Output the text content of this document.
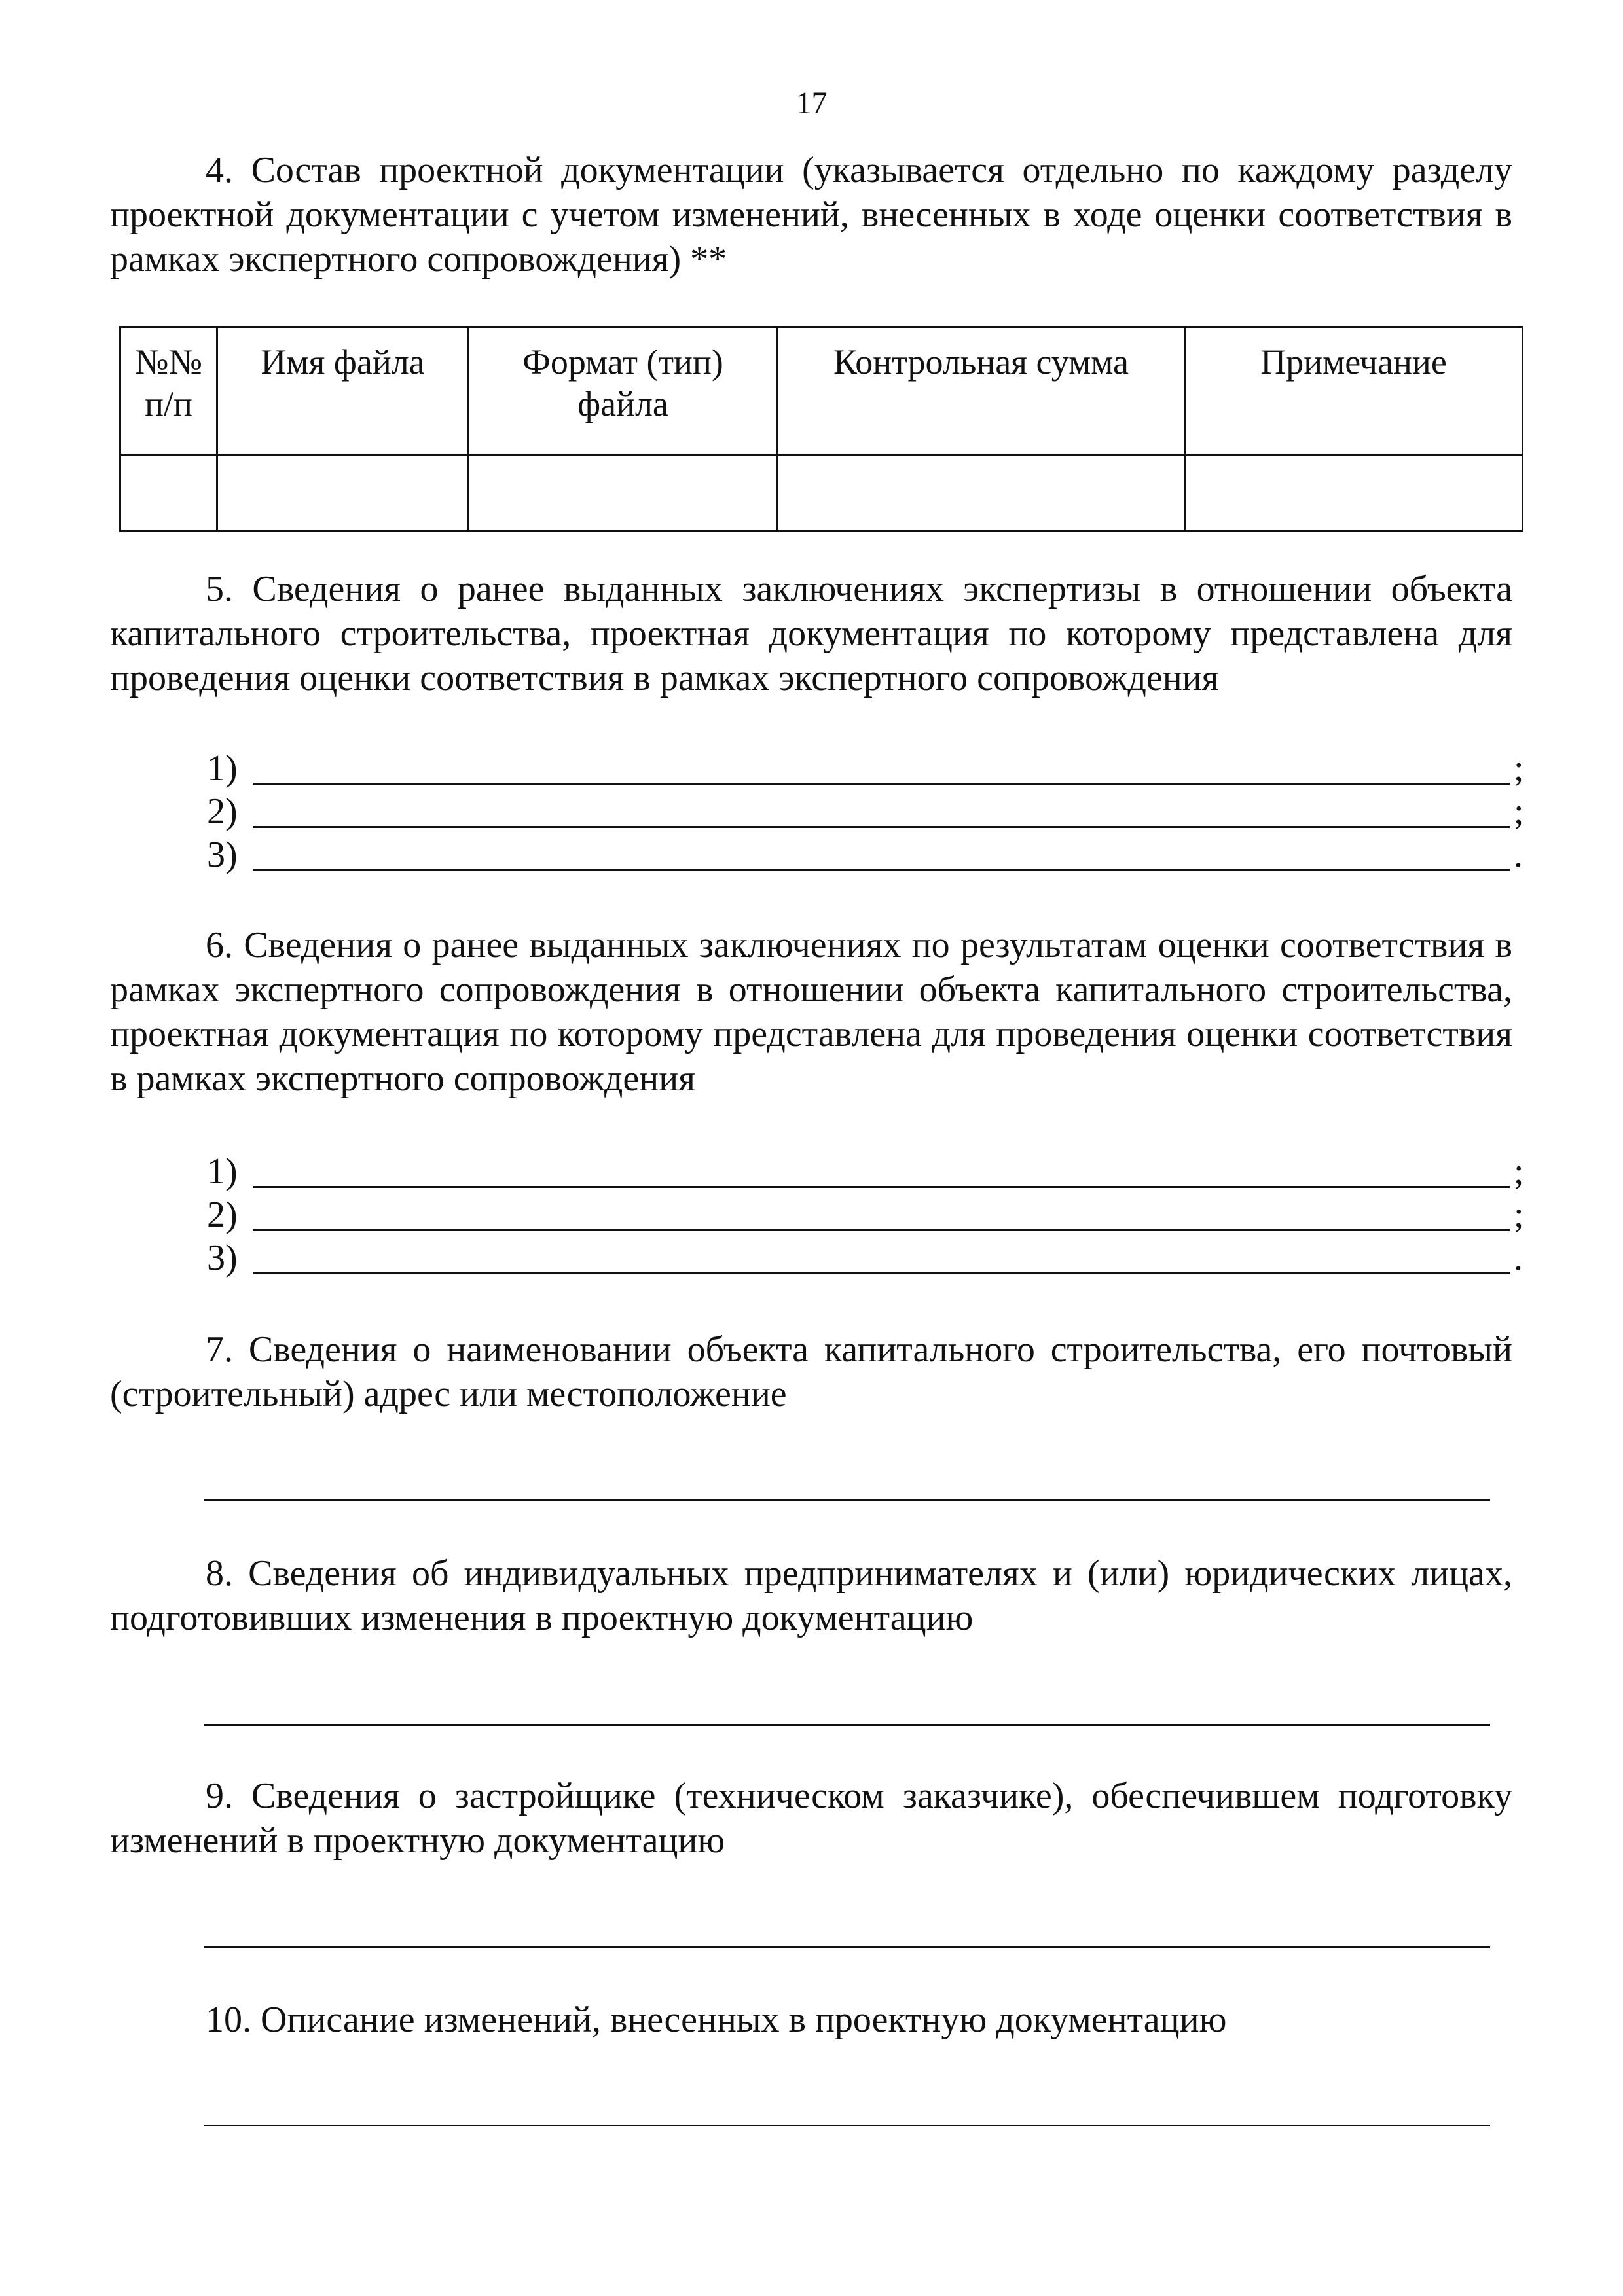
17

4. Состав проектной документации (указывается отдельно по каждому разделу проектной документации с учетом изменений, внесенных в ходе оценки соответствия в рамках экспертного сопровождения) **

№№ п/п	Имя файла	Формат (тип) файла	Контрольная сумма	Примечание

5. Сведения о ранее выданных заключениях экспертизы в отношении объекта капитального строительства, проектная документация по которому представлена для проведения оценки соответствия в рамках экспертного сопровождения

1)	;
2)	;
3)	.

6. Сведения о ранее выданных заключениях по результатам оценки соответствия в рамках экспертного сопровождения в отношении объекта капитального строительства, проектная документация по которому представлена для проведения оценки соответствия в рамках экспертного сопровождения

1)	;
2)	;
3)	.

7. Сведения о наименовании объекта капитального строительства, его почтовый (строительный) адрес или местоположение

8. Сведения об индивидуальных предпринимателях и (или) юридических лицах, подготовивших изменения в проектную документацию

9. Сведения о застройщике (техническом заказчике), обеспечившем подготовку изменений в проектную документацию

10. Описание изменений, внесенных в проектную документацию
